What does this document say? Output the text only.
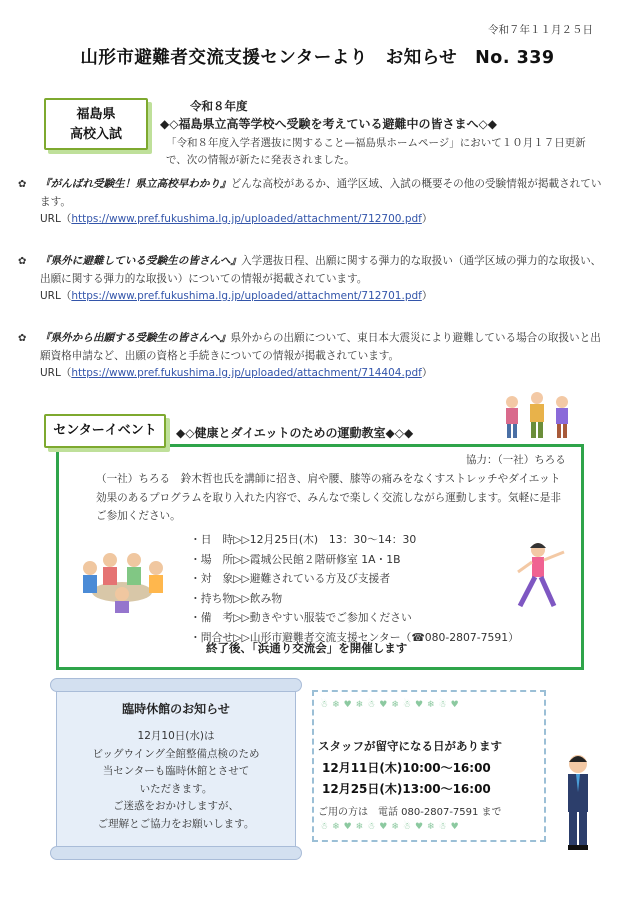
令和７年１１月２５日
山形市避難者交流支援センターより　お知らせ　No. 339
福島県
高校入試
令和８年度
◆◇福島県立高等学校へ受験を考えている避難中の皆さまへ◇◆
「令和８年度入学者選抜に関すること—福島県ホームページ」において１０月１７日更新で、次の情報が新たに発表されました。
✿ 『がんばれ受験生！県立高校早わかり』どんな高校があるか、通学区域、入試の概要その他の受験情報が掲載されています。
URL（https://www.pref.fukushima.lg.jp/uploaded/attachment/712700.pdf）
✿ 『県外に避難している受験生の皆さんへ』入学選抜日程、出願に関する弾力的な取扱い（通学区域の弾力的な取扱い、出願に関する弾力的な取扱い）についての情報が掲載されています。
URL（https://www.pref.fukushima.lg.jp/uploaded/attachment/712701.pdf）
✿ 『県外から出願する受験生の皆さんへ』県外からの出願について、東日本大震災により避難している場合の取扱いと出願資格申請など、出願の資格と手続きについての情報が掲載されています。
URL（https://www.pref.fukushima.lg.jp/uploaded/attachment/714404.pdf）
センターイベント	◆◇健康とダイエットのための運動教室◆◇◆
協力：（一社）ちろる
（一社）ちろる　鈴木哲也氏を講師に招き、肩や腰、膝等の痛みをなくすストレッチやダイエット効果のあるプログラムを取り入れた内容で、みんなで楽しく交流しながら運動します。気軽に是非ご参加ください。
・日　時▷▷12月25日(木)　13：30～14：30
・場　所▷▷霞城公民館２階研修室 1A・1B
・対　象▷▷避難されている方及び支援者
・持ち物▷▷飲み物
・備　考▷▷動きやすい服装でご参加ください
・問合せ▷▷山形市避難者交流支援センター（☎080-2807-7591）
終了後、「浜通り交流会」を開催します
臨時休館のお知らせ
12月10日(水)は
ビッグウイング全館整備点検のため
当センターも臨時休館とさせて
いただきます。
ご迷惑をおかけしますが、
ご理解とご協力をお願いします。
☃❄♥❄☃♥❄☃♥❄☃♥
☃❄♥❄☃♥❄☃♥❄☃♥
スタッフが留守になる日があります
12月11日(木)10:00～16:00
12月25日(木)13:00～16:00
ご用の方は　電話 080-2807-7591 まで
